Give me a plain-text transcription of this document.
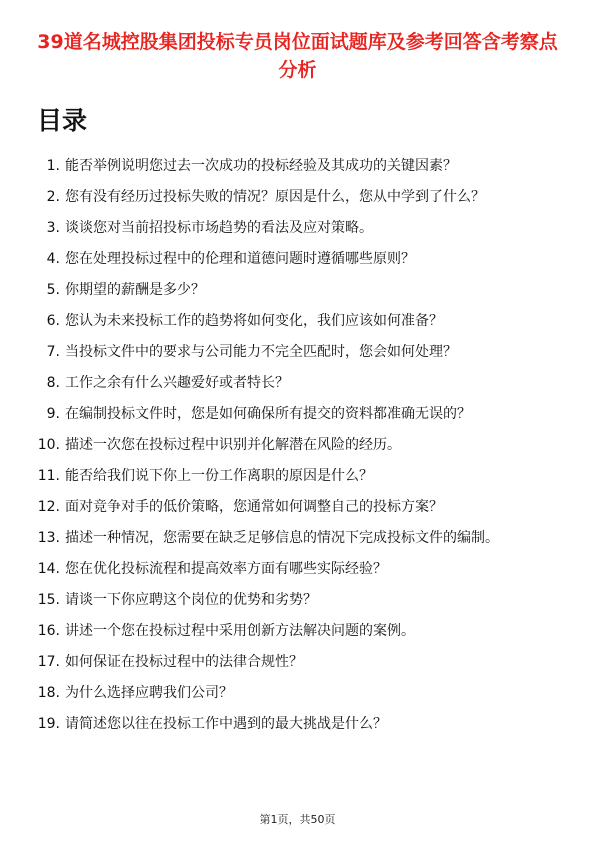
39道名城控股集团投标专员岗位面试题库及参考回答含考察点分析
目录
1. 能否举例说明您过去一次成功的投标经验及其成功的关键因素？
2. 您有没有经历过投标失败的情况？原因是什么，您从中学到了什么？
3. 谈谈您对当前招投标市场趋势的看法及应对策略。
4. 您在处理投标过程中的伦理和道德问题时遵循哪些原则？
5. 你期望的薪酬是多少？
6. 您认为未来投标工作的趋势将如何变化，我们应该如何准备？
7. 当投标文件中的要求与公司能力不完全匹配时，您会如何处理？
8. 工作之余有什么兴趣爱好或者特长？
9. 在编制投标文件时，您是如何确保所有提交的资料都准确无误的？
10. 描述一次您在投标过程中识别并化解潜在风险的经历。
11. 能否给我们说下你上一份工作离职的原因是什么？
12. 面对竞争对手的低价策略，您通常如何调整自己的投标方案？
13. 描述一种情况，您需要在缺乏足够信息的情况下完成投标文件的编制。
14. 您在优化投标流程和提高效率方面有哪些实际经验？
15. 请谈一下你应聘这个岗位的优势和劣势？
16. 讲述一个您在投标过程中采用创新方法解决问题的案例。
17. 如何保证在投标过程中的法律合规性？
18. 为什么选择应聘我们公司？
19. 请简述您以往在投标工作中遇到的最大挑战是什么？
第1页，共50页
